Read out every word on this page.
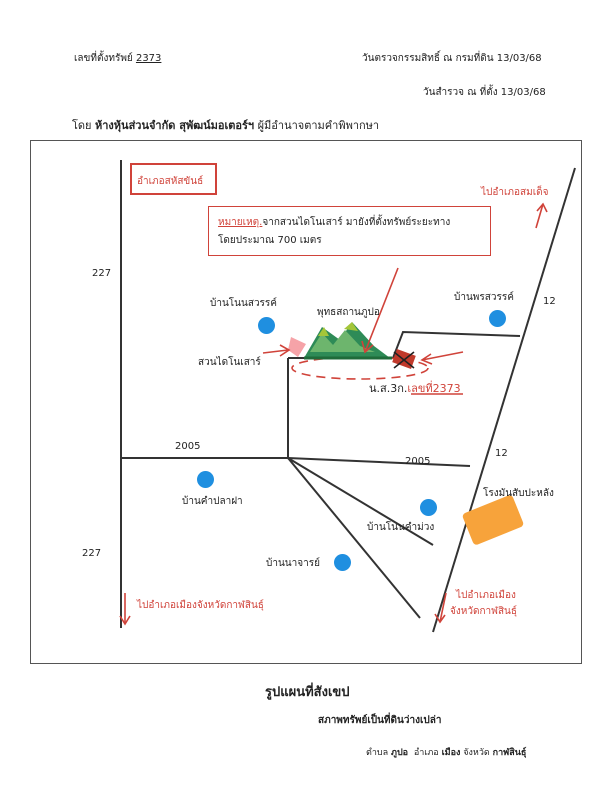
เลขที่ตั้งทรัพย์ 2373	วันตรวจกรรมสิทธิ์ ณ กรมที่ดิน 13/03/68
วันสำรวจ ณ ที่ตั้ง 13/03/68
โดย ห้างหุ้นส่วนจำกัด สุพัฒน์มอเตอร์ฯ ผู้มีอำนาจตามคำพิพากษา
อำเภอสหัสขันธ์
ไปอำเภอสมเด็จ
หมายเหตุ.จากสวนไดโนเสาร์ มายังที่ตั้งทรัพย์ระยะทาง
โดยประมาณ 700 เมตร
227
227
2005
2005
12
12
บ้านโนนสวรรค์
พุทธสถานภูปอ
บ้านพรสวรรค์
สวนไดโนเสาร์
น.ส.3ก.เลขที่2373
บ้านคำปลาฝา
บ้านโนนคำม่วง
โรงมันสับปะหลัง
บ้านนาจารย์
ไปอำเภอเมืองจังหวัดกาฬสินธุ์
ไปอำเภอเมือง
จังหวัดกาฬสินธุ์
รูปแผนที่สังเขป
สภาพทรัพย์เป็นที่ดินว่างเปล่า
ตำบล ภูปอ อำเภอ เมือง จังหวัด กาฬสินธุ์
